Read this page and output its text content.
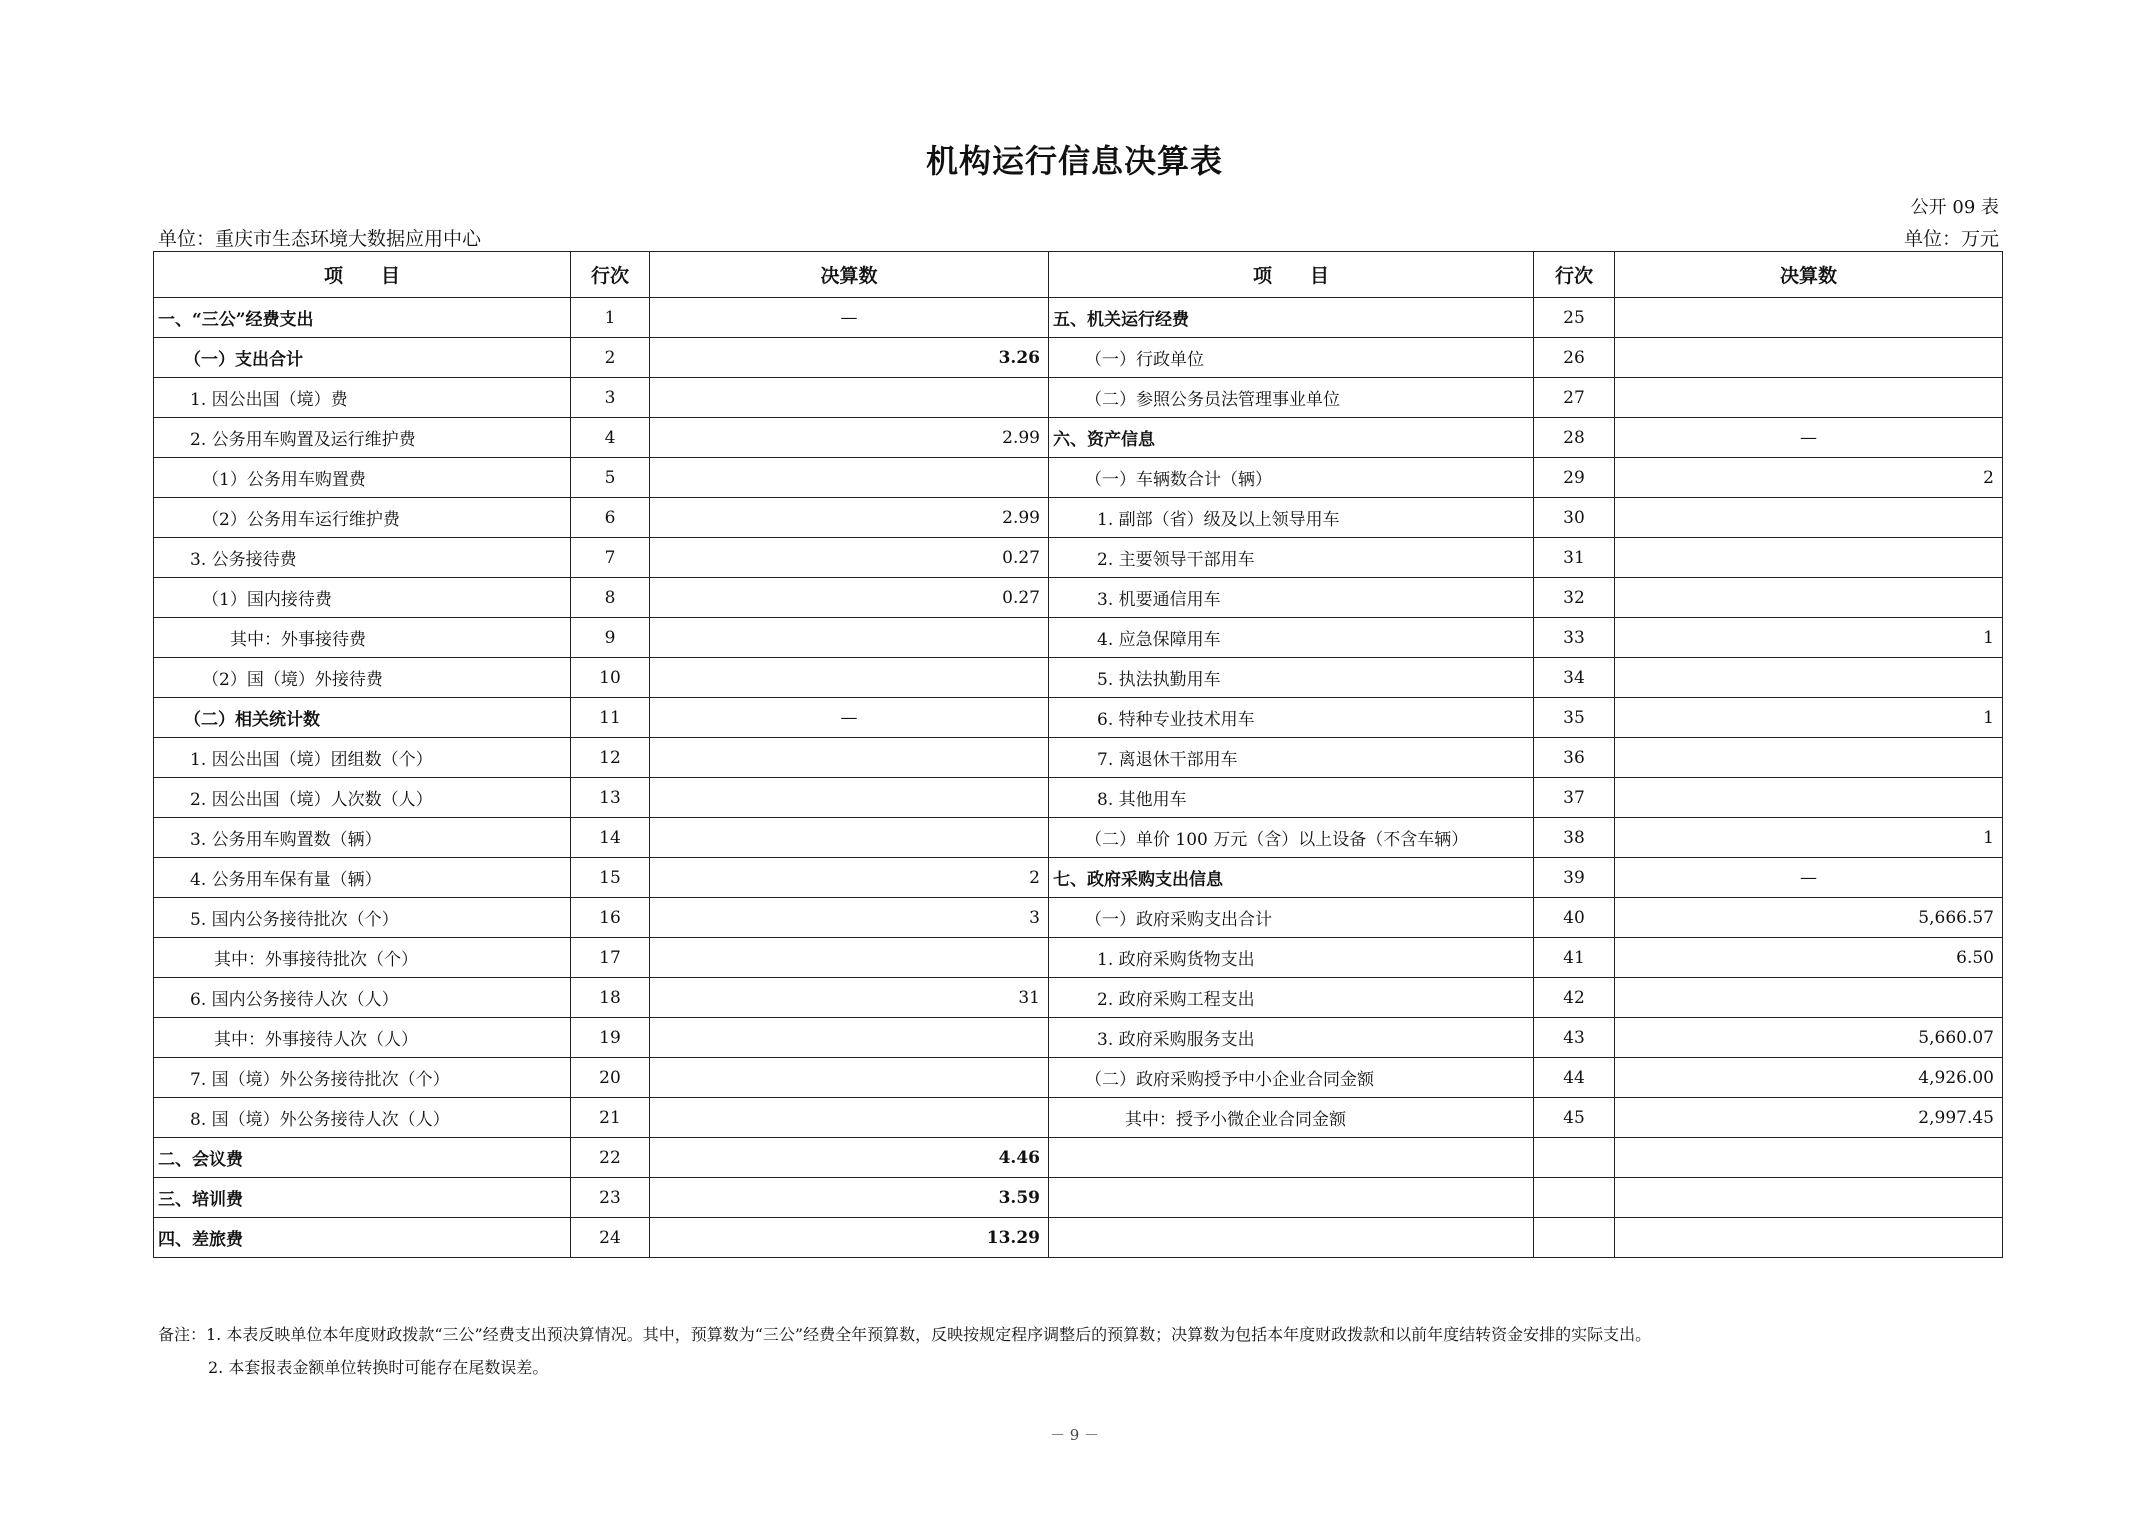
机构运行信息决算表
公开 09 表
单位：重庆市生态环境大数据应用中心	单位：万元
项　　目	行次	决算数	项　　目	行次	决算数
一、“三公”经费支出	1	—	五、机关运行经费	25	
（一）支出合计	2	3.26	（一）行政单位	26	
1. 因公出国（境）费	3		（二）参照公务员法管理事业单位	27	
2. 公务用车购置及运行维护费	4	2.99	六、资产信息	28	—
（1）公务用车购置费	5		（一）车辆数合计（辆）	29	2
（2）公务用车运行维护费	6	2.99	1. 副部（省）级及以上领导用车	30	
3. 公务接待费	7	0.27	2. 主要领导干部用车	31	
（1）国内接待费	8	0.27	3. 机要通信用车	32	
其中：外事接待费	9		4. 应急保障用车	33	1
（2）国（境）外接待费	10		5. 执法执勤用车	34	
（二）相关统计数	11	—	6. 特种专业技术用车	35	1
1. 因公出国（境）团组数（个）	12		7. 离退休干部用车	36	
2. 因公出国（境）人次数（人）	13		8. 其他用车	37	
3. 公务用车购置数（辆）	14		（二）单价 100 万元（含）以上设备（不含车辆）	38	1
4. 公务用车保有量（辆）	15	2	七、政府采购支出信息	39	—
5. 国内公务接待批次（个）	16	3	（一）政府采购支出合计	40	5,666.57
其中：外事接待批次（个）	17		1. 政府采购货物支出	41	6.50
6. 国内公务接待人次（人）	18	31	2. 政府采购工程支出	42	
其中：外事接待人次（人）	19		3. 政府采购服务支出	43	5,660.07
7. 国（境）外公务接待批次（个）	20		（二）政府采购授予中小企业合同金额	44	4,926.00
8. 国（境）外公务接待人次（人）	21		其中：授予小微企业合同金额	45	2,997.45
二、会议费	22	4.46			
三、培训费	23	3.59			
四、差旅费	24	13.29			
备注：1. 本表反映单位本年度财政拨款“三公”经费支出预决算情况。其中，预算数为“三公”经费全年预算数，反映按规定程序调整后的预算数；决算数为包括本年度财政拨款和以前年度结转资金安排的实际支出。
2. 本套报表金额单位转换时可能存在尾数误差。
－ 9 －
